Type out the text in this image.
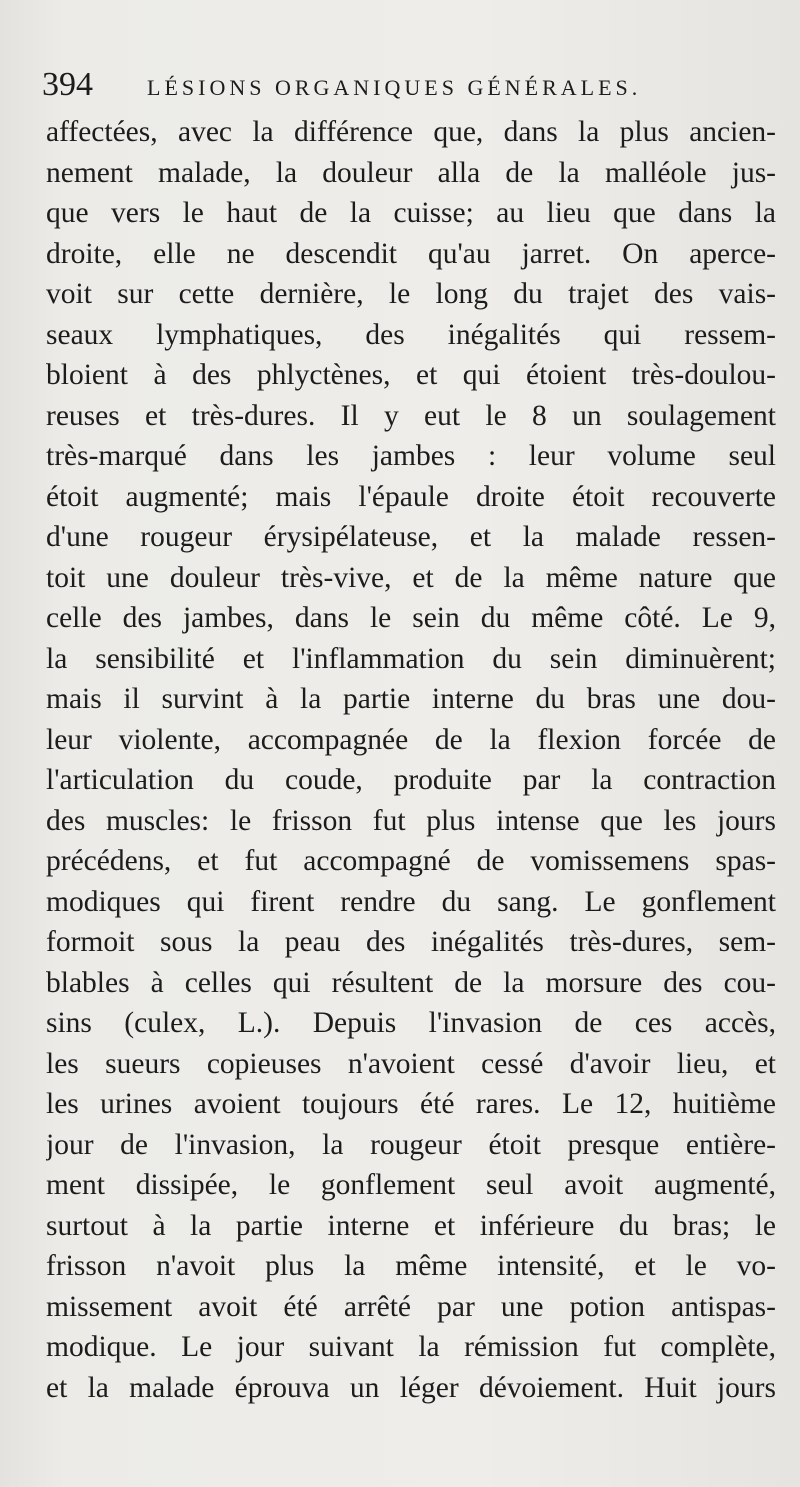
394 LÉSIONS ORGANIQUES GÉNÉRALES.
affectées, avec la différence que, dans la plus ancien-
nement malade, la douleur alla de la malléole jus-
que vers le haut de la cuisse; au lieu que dans la
droite, elle ne descendit qu'au jarret. On aperce-
voit sur cette dernière, le long du trajet des vais-
seaux lymphatiques, des inégalités qui ressem-
bloient à des phlyctènes, et qui étoient très-doulou-
reuses et très-dures. Il y eut le 8 un soulagement
très-marqué dans les jambes : leur volume seul
étoit augmenté; mais l'épaule droite étoit recouverte
d'une rougeur érysipélateuse, et la malade ressen-
toit une douleur très-vive, et de la même nature que
celle des jambes, dans le sein du même côté. Le 9,
la sensibilité et l'inflammation du sein diminuèrent;
mais il survint à la partie interne du bras une dou-
leur violente, accompagnée de la flexion forcée de
l'articulation du coude, produite par la contraction
des muscles: le frisson fut plus intense que les jours
précédens, et fut accompagné de vomissemens spas-
modiques qui firent rendre du sang. Le gonflement
formoit sous la peau des inégalités très-dures, sem-
blables à celles qui résultent de la morsure des cou-
sins (culex, L.). Depuis l'invasion de ces accès,
les sueurs copieuses n'avoient cessé d'avoir lieu, et
les urines avoient toujours été rares. Le 12, huitième
jour de l'invasion, la rougeur étoit presque entière-
ment dissipée, le gonflement seul avoit augmenté,
surtout à la partie interne et inférieure du bras; le
frisson n'avoit plus la même intensité, et le vo-
missement avoit été arrêté par une potion antispas-
modique. Le jour suivant la rémission fut complète,
et la malade éprouva un léger dévoiement. Huit jours
